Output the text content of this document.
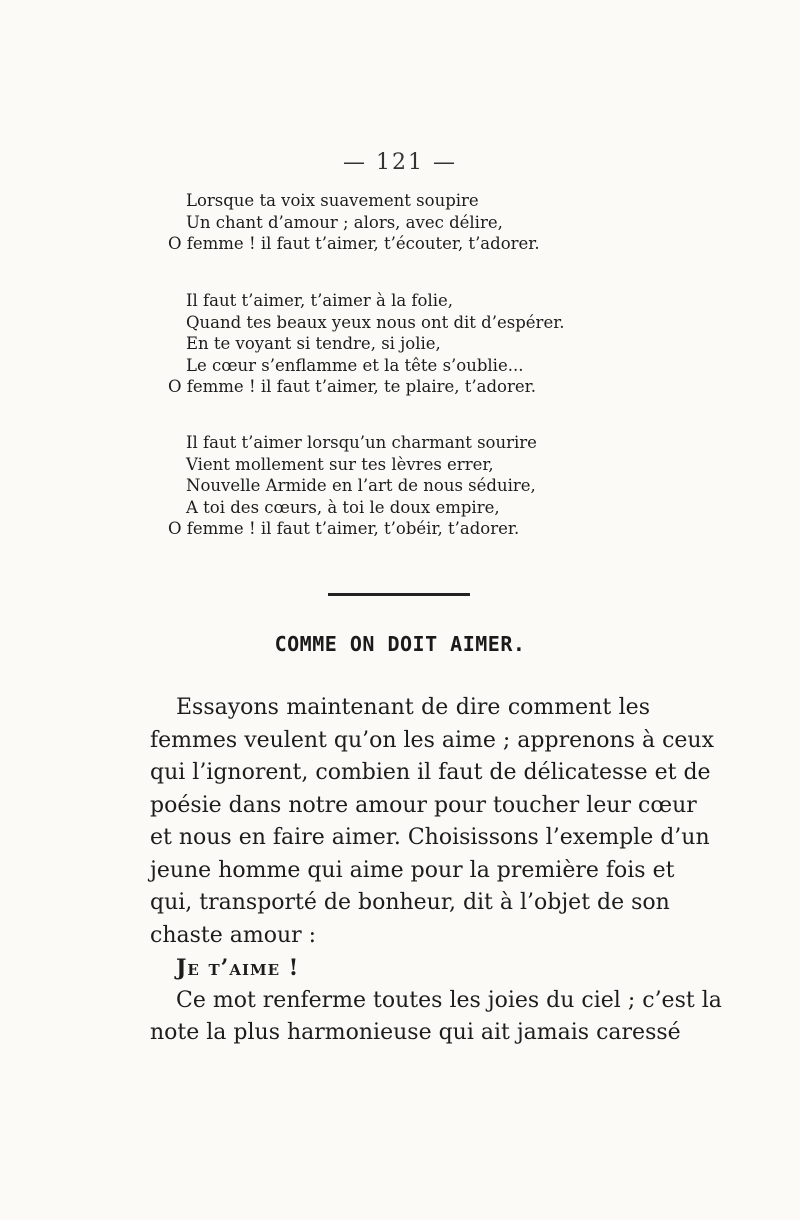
— 121 —
Lorsque ta voix suavement soupire
Un chant d’amour ; alors, avec délire,
O femme ! il faut t’aimer, t’écouter, t’adorer.
Il faut t’aimer, t’aimer à la folie,
Quand tes beaux yeux nous ont dit d’espérer.
En te voyant si tendre, si jolie,
Le cœur s’enflamme et la tête s’oublie...
O femme ! il faut t’aimer, te plaire, t’adorer.
Il faut t’aimer lorsqu’un charmant sourire
Vient mollement sur tes lèvres errer,
Nouvelle Armide en l’art de nous séduire,
A toi des cœurs, à toi le doux empire,
O femme ! il faut t’aimer, t’obéir, t’adorer.
COMME ON DOIT AIMER.
Essayons maintenant de dire comment les
femmes veulent qu’on les aime ; apprenons à ceux
qui l’ignorent, combien il faut de délicatesse et de
poésie dans notre amour pour toucher leur cœur
et nous en faire aimer. Choisissons l’exemple d’un
jeune homme qui aime pour la première fois et
qui, transporté de bonheur, dit à l’objet de son
chaste amour :
Je t’aime !
Ce mot renferme toutes les joies du ciel ; c’est la
note la plus harmonieuse qui ait jamais caressé
